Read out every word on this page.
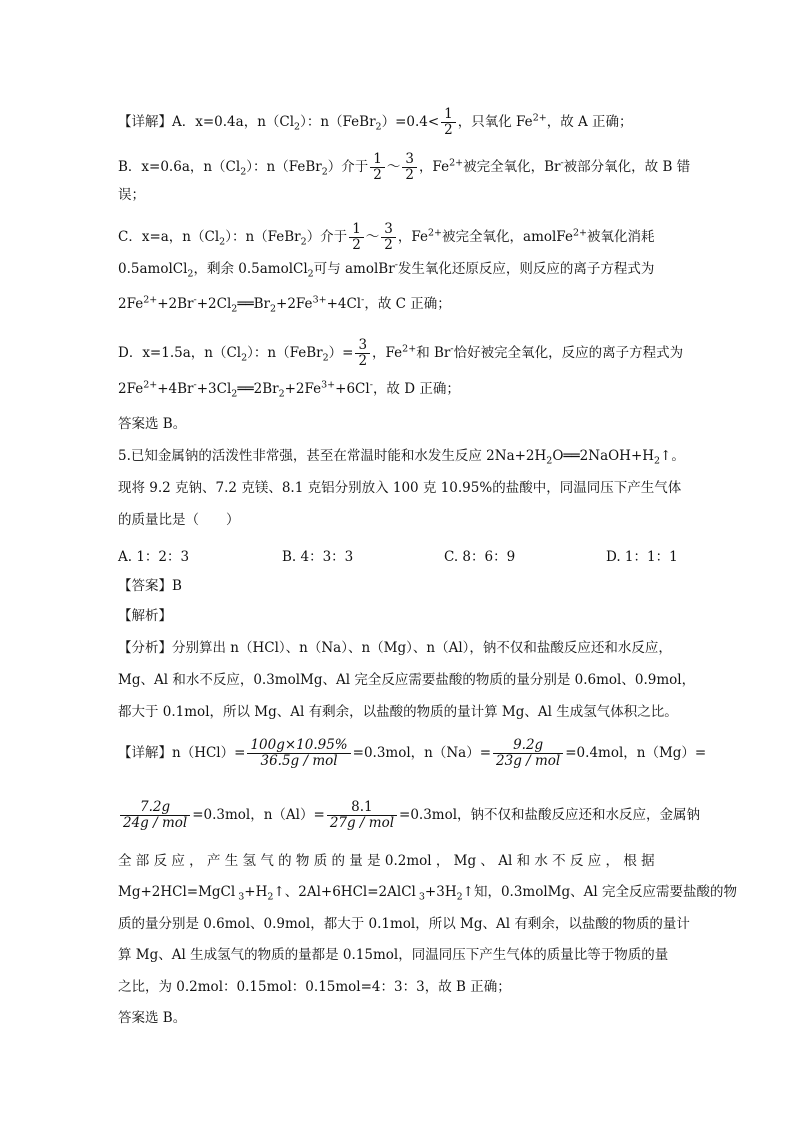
【详解】A．x=0.4a，$n(Cl_2)$：n（FeBr$_2$）=0.4< $\frac{1}{2}$ ，只氧化 $Fe^{2+}$，故 A 正确；
B．x=0.6a，$n(Cl_2)$：n（FeBr$_2$）介于 $\frac{1}{2}$ ～ $\frac{3}{2}$ ，$Fe^{2+}$被完全氧化，Br-被部分氧化，故 B 错
误；
C．x=a，$n(Cl_2)$：n（FeBr$_2$）介于 $\frac{1}{2}$ ～ $\frac{3}{2}$ ，$Fe^{2+}$被完全氧化，amolFe$^{2+}$被氧化消耗
0.5amolCl$_2$，剩余 0.5amolCl$_2$可与 amolBr-发生氧化还原反应，则反应的离子方程式为
$2Fe^{2+}+2Br^-+2Cl_2══Br_2+2Fe^{3+}+4Cl^-$，故 C 正确；
D．x=1.5a，$n(Cl_2)$：n（FeBr$_2$）= $\frac{3}{2}$ ，$Fe^{2+}$和 Br-恰好被完全氧化，反应的离子方程式为
$2Fe^{2+}+4Br^-+3Cl_2══2Br_2+2Fe^{3+}+6Cl^-$，故 D 正确；
答案选 B。
5.已知金属钠的活泼性非常强，甚至在常温时能和水发生反应 $2Na+2H_2O══2NaOH+H_2↑$。
现将 9.2 克钠、7.2 克镁、8.1 克铝分别放入 100 克 10.95%的盐酸中，同温同压下产生气体
的质量比是（　　）
A. 1：2：3	B. 4：3：3	C. 8：6：9	D. 1：1：1
【答案】B
【解析】
【分析】分别算出 n（HCl）、n（Na）、n（Mg）、n（Al），钠不仅和盐酸反应还和水反应，
Mg、Al 和水不反应，0.3molMg、Al 完全反应需要盐酸的物质的量分别是 0.6mol、0.9mol，
都大于 0.1mol，所以 Mg、Al 有剩余，以盐酸的物质的量计算 Mg、Al 生成氢气体积之比。
【详解】$n(HCl)= \frac{100g\times 10.95\%}{\text{36.5g / mol}} =0.3mol$，$n(Na)= \frac{9.2g}{\text{23g / mol}} =0.4mol$，n（Mg）=
$\frac{7.2g}{\text{24g / mol}} =0.3mol$，$n(Al)= \frac{8.1}{\text{27g / mol}} =0.3mol$，钠不仅和盐酸反应还和水反应，金属钠
全 部 反 应 ， 产 生 氢 气 的 物 质 的 量 是 0.2mol ， Mg 、 Al 和 水 不 反 应 ， 根 据
Mg+2HCl=MgCl $_3+H_2↑$、2Al+6HCl=2AlCl $_3+3H_2↑$知，0.3molMg、Al 完全反应需要盐酸的物
质的量分别是 0.6mol、0.9mol，都大于 0.1mol，所以 Mg、Al 有剩余，以盐酸的物质的量计
算 Mg、Al 生成氢气的物质的量都是 0.15mol，同温同压下产生气体的质量比等于物质的量
之比，为 0.2mol：0.15mol：0.15mol=4：3：3，故 B 正确；
答案选 B。
